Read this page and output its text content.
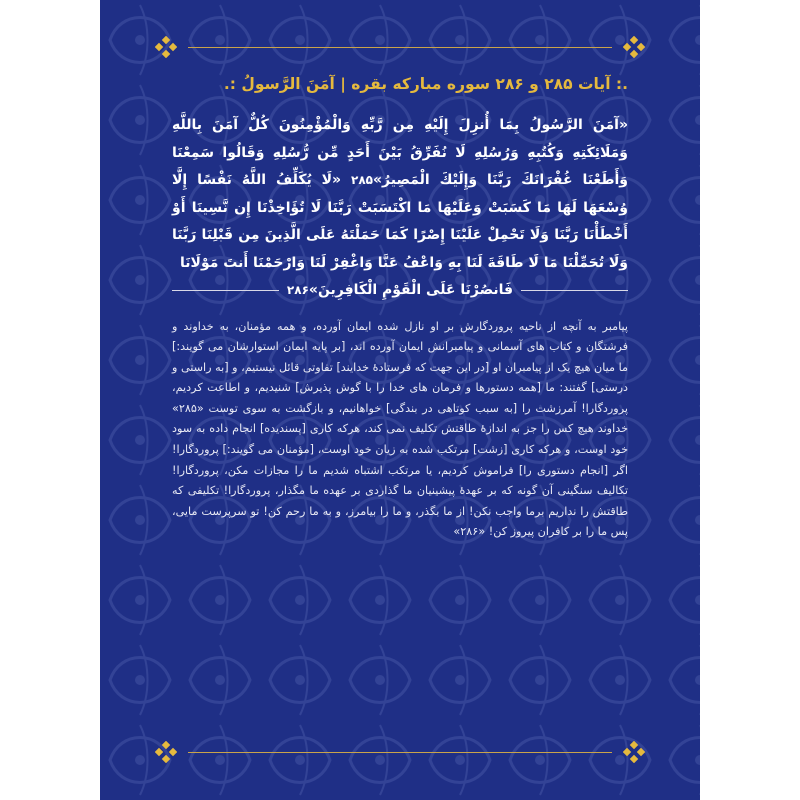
.: آیات ۲۸۵ و ۲۸۶ سوره مبارکه بقره | آمَنَ الرَّسولُ :.
«آمَنَ الرَّسُولُ بِمَا أُنزِلَ إِلَيْهِ مِن رَّبِّهِ وَالْمُؤْمِنُونَ كُلٌّ آمَنَ بِاللَّهِ وَمَلَائِكَتِهِ وَكُتُبِهِ وَرُسُلِهِ لَا نُفَرِّقُ بَيْنَ أَحَدٍ مِّن رُّسُلِهِ وَقَالُوا سَمِعْنَا وَأَطَعْنَا غُفْرَانَكَ رَبَّنَا وَإِلَيْكَ الْمَصِيرُ»۲۸۵ «لَا يُكَلِّفُ اللَّهُ نَفْسًا إِلَّا وُسْعَهَا لَهَا مَا كَسَبَتْ وَعَلَيْهَا مَا اكْتَسَبَتْ رَبَّنَا لَا تُؤَاخِذْنَا إِن نَّسِينَا أَوْ أَخْطَأْنَا رَبَّنَا وَلَا تَحْمِلْ عَلَيْنَا إِصْرًا كَمَا حَمَلْتَهُ عَلَى الَّذِينَ مِن قَبْلِنَا رَبَّنَا وَلَا تُحَمِّلْنَا مَا لَا طَاقَةَ لَنَا بِهِ وَاعْفُ عَنَّا وَاغْفِرْ لَنَا وَارْحَمْنَا أَنتَ مَوْلَانَا
فَانصُرْنَا عَلَى الْقَوْمِ الْكَافِرِينَ»۲۸۶
پیامبر به آنچه از ناحیه پروردگارش بر او نازل شده ایمان آورده، و همه مؤمنان، به خداوند و فرشتگان و کتاب های آسمانی و پیامبرانش ایمان آورده اند، [بر پایه ایمان استوارشان می گویند:] ما میان هیچ یک از پیامبران او [در این جهت که فرستادۀ خدایند] تفاوتی قائل نیستیم، و [به راستی و درستی] گفتند: ما [همه دستورها و فرمان های خدا را با گوش پذیرش] شنیدیم، و اطاعت کردیم، پروردگارا! آمرزشت را [به سبب کوتاهی در بندگی] خواهانیم، و بازگشت به سوی توست «۲۸۵» خداوند هیچ کس را جز به اندازۀ طاقتش تکلیف نمی کند، هرکه کاری [پسندیده] انجام داده به سود خود اوست، و هرکه کاری [زشت] مرتکب شده به زیان خود اوست، [مؤمنان می گویند:] پروردگارا! اگر [انجام دستوری را] فراموش کردیم، یا مرتکب اشتباه شدیم ما را مجازات مکن، پروردگارا! تکالیف سنگینی آن گونه که بر عهدۀ پیشینیان ما گذاردی بر عهده ما مگذار، پروردگارا! تکلیفی که طاقتش را نداریم برما واجب نکن! از ما بگذر، و ما را بیامرز، و به ما رحم کن! تو سرپرست مایی، پس ما را بر کافران پیروز کن! «۲۸۶»
